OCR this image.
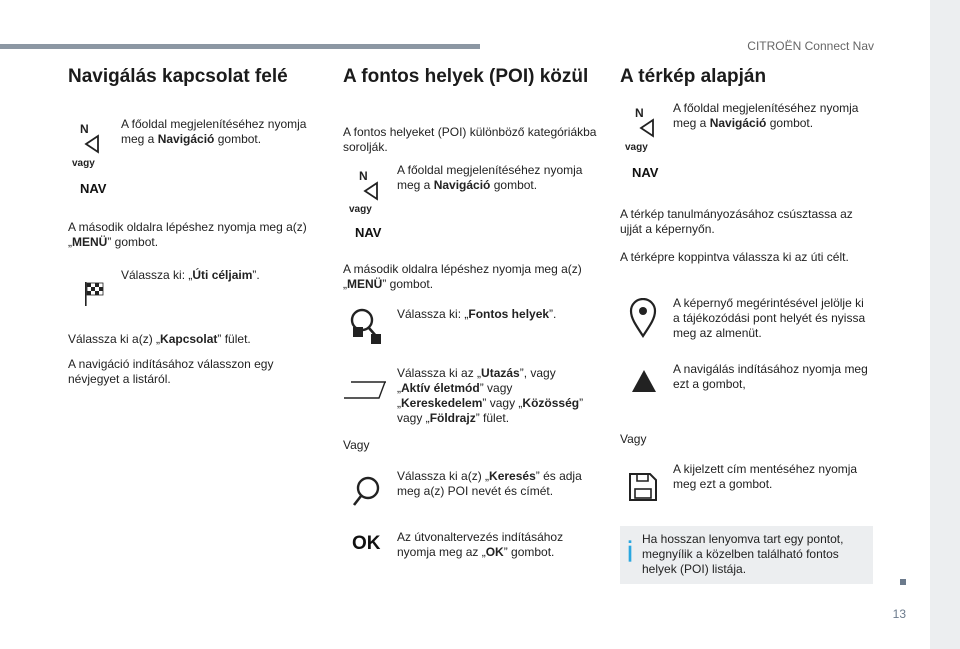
CITROËN Connect Nav
13
Navigálás kapcsolat felé
N
vagy
NAV
A főoldal megjelenítéséhez nyomja meg a Navigáció gombot.
A második oldalra lépéshez nyomja meg a(z) „MENÜ” gombot.
Válassza ki: „Úti céljaim”.
Válassza ki a(z) „Kapcsolat” fület.
A navigáció indításához válasszon egy névjegyet a listáról.
A fontos helyek (POI) közül
A fontos helyeket (POI) különböző kategóriákba sorolják.
N
vagy
NAV
A főoldal megjelenítéséhez nyomja meg a Navigáció gombot.
A második oldalra lépéshez nyomja meg a(z) „MENÜ” gombot.
Válassza ki: „Fontos helyek”.
Válassza ki az „Utazás”, vagy „Aktív életmód” vagy „Kereskedelem” vagy „Közösség” vagy „Földrajz” fület.
Vagy
Válassza ki a(z) „Keresés” és adja meg a(z) POI nevét és címét.
OK Az útvonaltervezés indításához nyomja meg az „OK” gombot.
A térkép alapján
N
vagy
NAV
A főoldal megjelenítéséhez nyomja meg a Navigáció gombot.
A térkép tanulmányozásához csúsztassa az ujját a képernyőn.
A térképre koppintva válassza ki az úti célt.
A képernyő megérintésével jelölje ki a tájékozódási pont helyét és nyissa meg az almenüt.
A navigálás indításához nyomja meg ezt a gombot,
Vagy
A kijelzett cím mentéséhez nyomja meg ezt a gombot.
Ha hosszan lenyomva tart egy pontot, megnyílik a közelben található fontos helyek (POI) listája.
